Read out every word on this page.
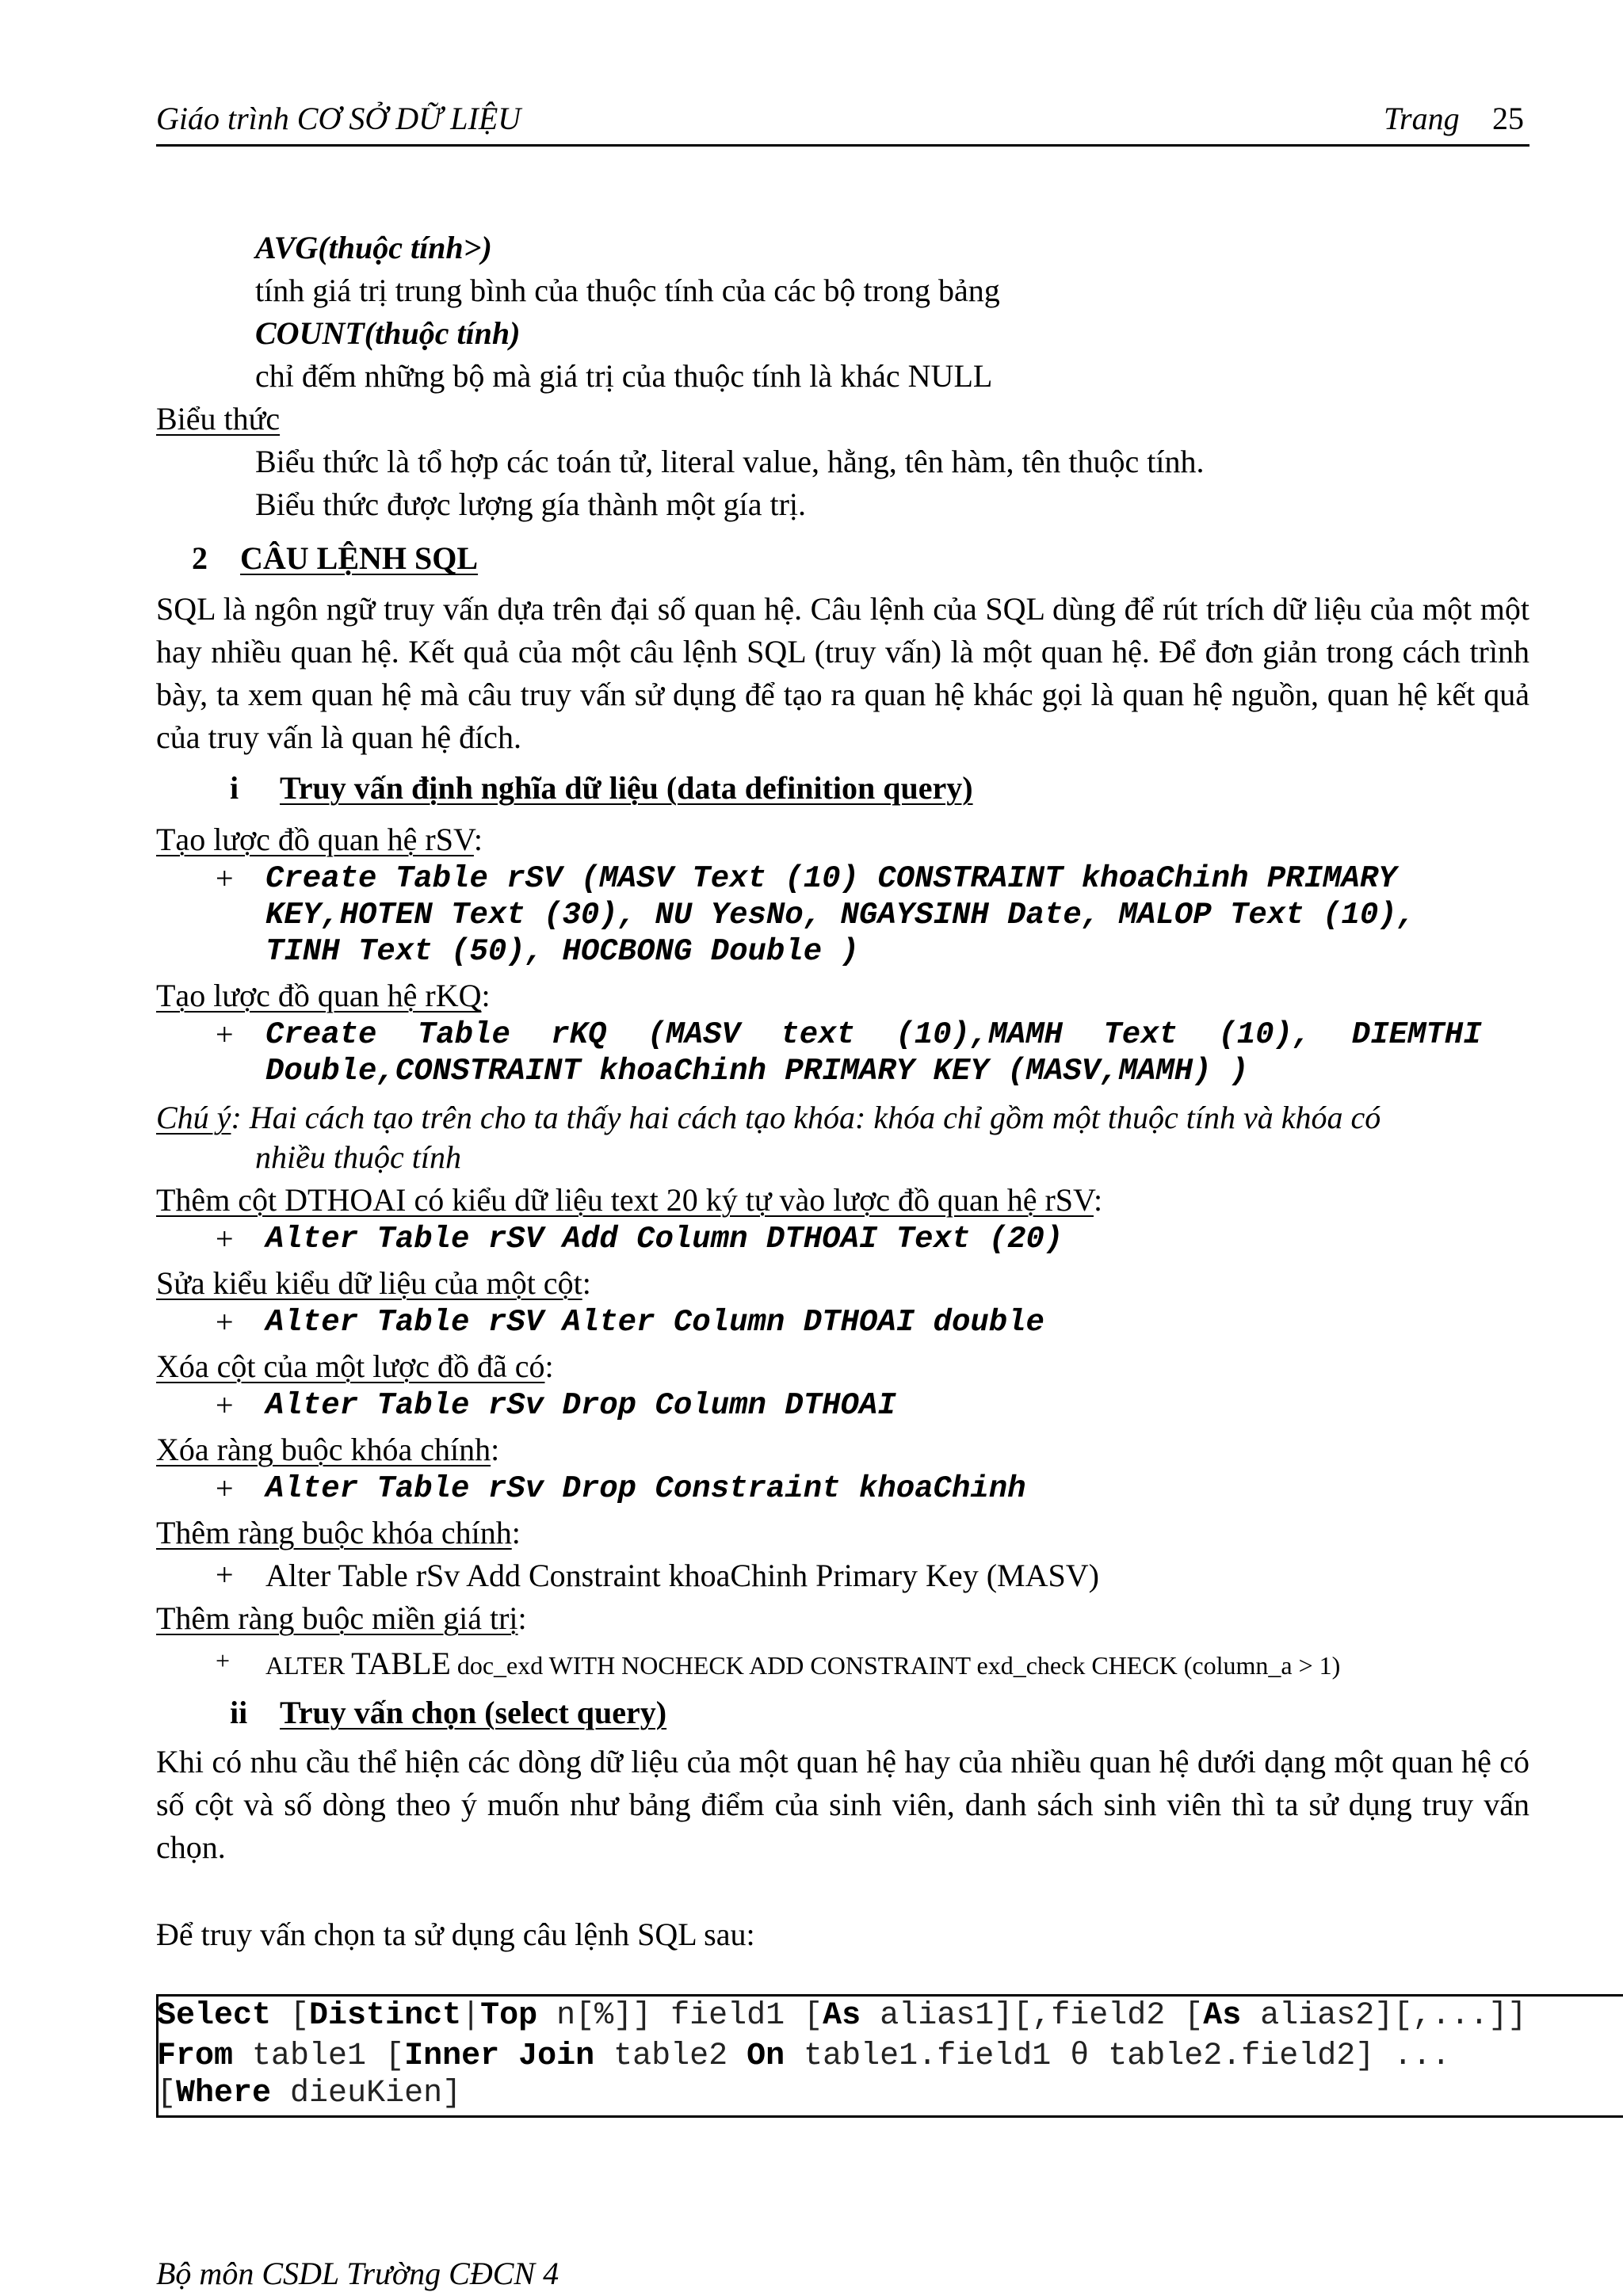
Giáo trình CƠ SỞ DỮ LIỆU	Trang 25
AVG(thuộc tính>)
tính giá trị trung bình của thuộc tính của các bộ trong bảng
COUNT(thuộc tính)
chỉ đếm những bộ mà giá trị của thuộc tính là khác NULL
Biểu thức
Biểu thức là tổ hợp các toán tử, literal value, hằng, tên hàm, tên thuộc tính.
Biểu thức được lượng gía thành một gía trị.
2 CÂU LỆNH SQL
SQL là ngôn ngữ truy vấn dựa trên đại số quan hệ. Câu lệnh của SQL dùng để rút trích dữ liệu của một một hay nhiều quan hệ. Kết quả của một câu lệnh SQL (truy vấn) là một quan hệ. Để đơn giản trong cách trình bày, ta xem quan hệ mà câu truy vấn sử dụng để tạo ra quan hệ khác gọi là quan hệ nguồn, quan hệ kết quả của truy vấn là quan hệ đích.
i Truy vấn định nghĩa dữ liệu (data definition query)
Tạo lược đồ quan hệ rSV:
+ Create Table rSV (MASV Text (10) CONSTRAINT khoaChinh PRIMARY
KEY,HOTEN Text (30), NU YesNo, NGAYSINH Date, MALOP Text (10),
TINH Text (50), HOCBONG Double )
Tạo lược đồ quan hệ rKQ:
+ Create Table rKQ (MASV text (10),MAMH Text (10), DIEMTHI
Double,CONSTRAINT khoaChinh PRIMARY KEY (MASV,MAMH) )
Chú ý: Hai cách tạo trên cho ta thấy hai cách tạo khóa: khóa chỉ gồm một thuộc tính và khóa có
nhiều thuộc tính
Thêm cột DTHOAI có kiểu dữ liệu text 20 ký tự vào lược đồ quan hệ rSV:
+ Alter Table rSV Add Column DTHOAI Text (20)
Sửa kiểu kiểu dữ liệu của một cột:
+ Alter Table rSV Alter Column DTHOAI double
Xóa cột của một lược đồ đã có:
+ Alter Table rSv Drop Column DTHOAI
Xóa ràng buộc khóa chính:
+ Alter Table rSv Drop Constraint khoaChinh
Thêm ràng buộc khóa chính:
+ Alter Table rSv Add Constraint khoaChinh Primary Key (MASV)
Thêm ràng buộc miền giá trị:
+ ALTER TABLE doc_exd WITH NOCHECK ADD CONSTRAINT exd_check CHECK (column_a > 1)
ii Truy vấn chọn (select query)
Khi có nhu cầu thể hiện các dòng dữ liệu của một quan hệ hay của nhiều quan hệ dưới dạng một quan hệ có số cột và số dòng theo ý muốn như bảng điểm của sinh viên, danh sách sinh viên thì ta sử dụng truy vấn chọn.
Để truy vấn chọn ta sử dụng câu lệnh SQL sau:
Select [Distinct|Top n[%]] field1 [As alias1][,field2 [As alias2][,...]]
From table1 [Inner Join table2 On table1.field1 θ table2.field2] ...
[Where dieuKien]
Bộ môn CSDL Trường CĐCN 4
